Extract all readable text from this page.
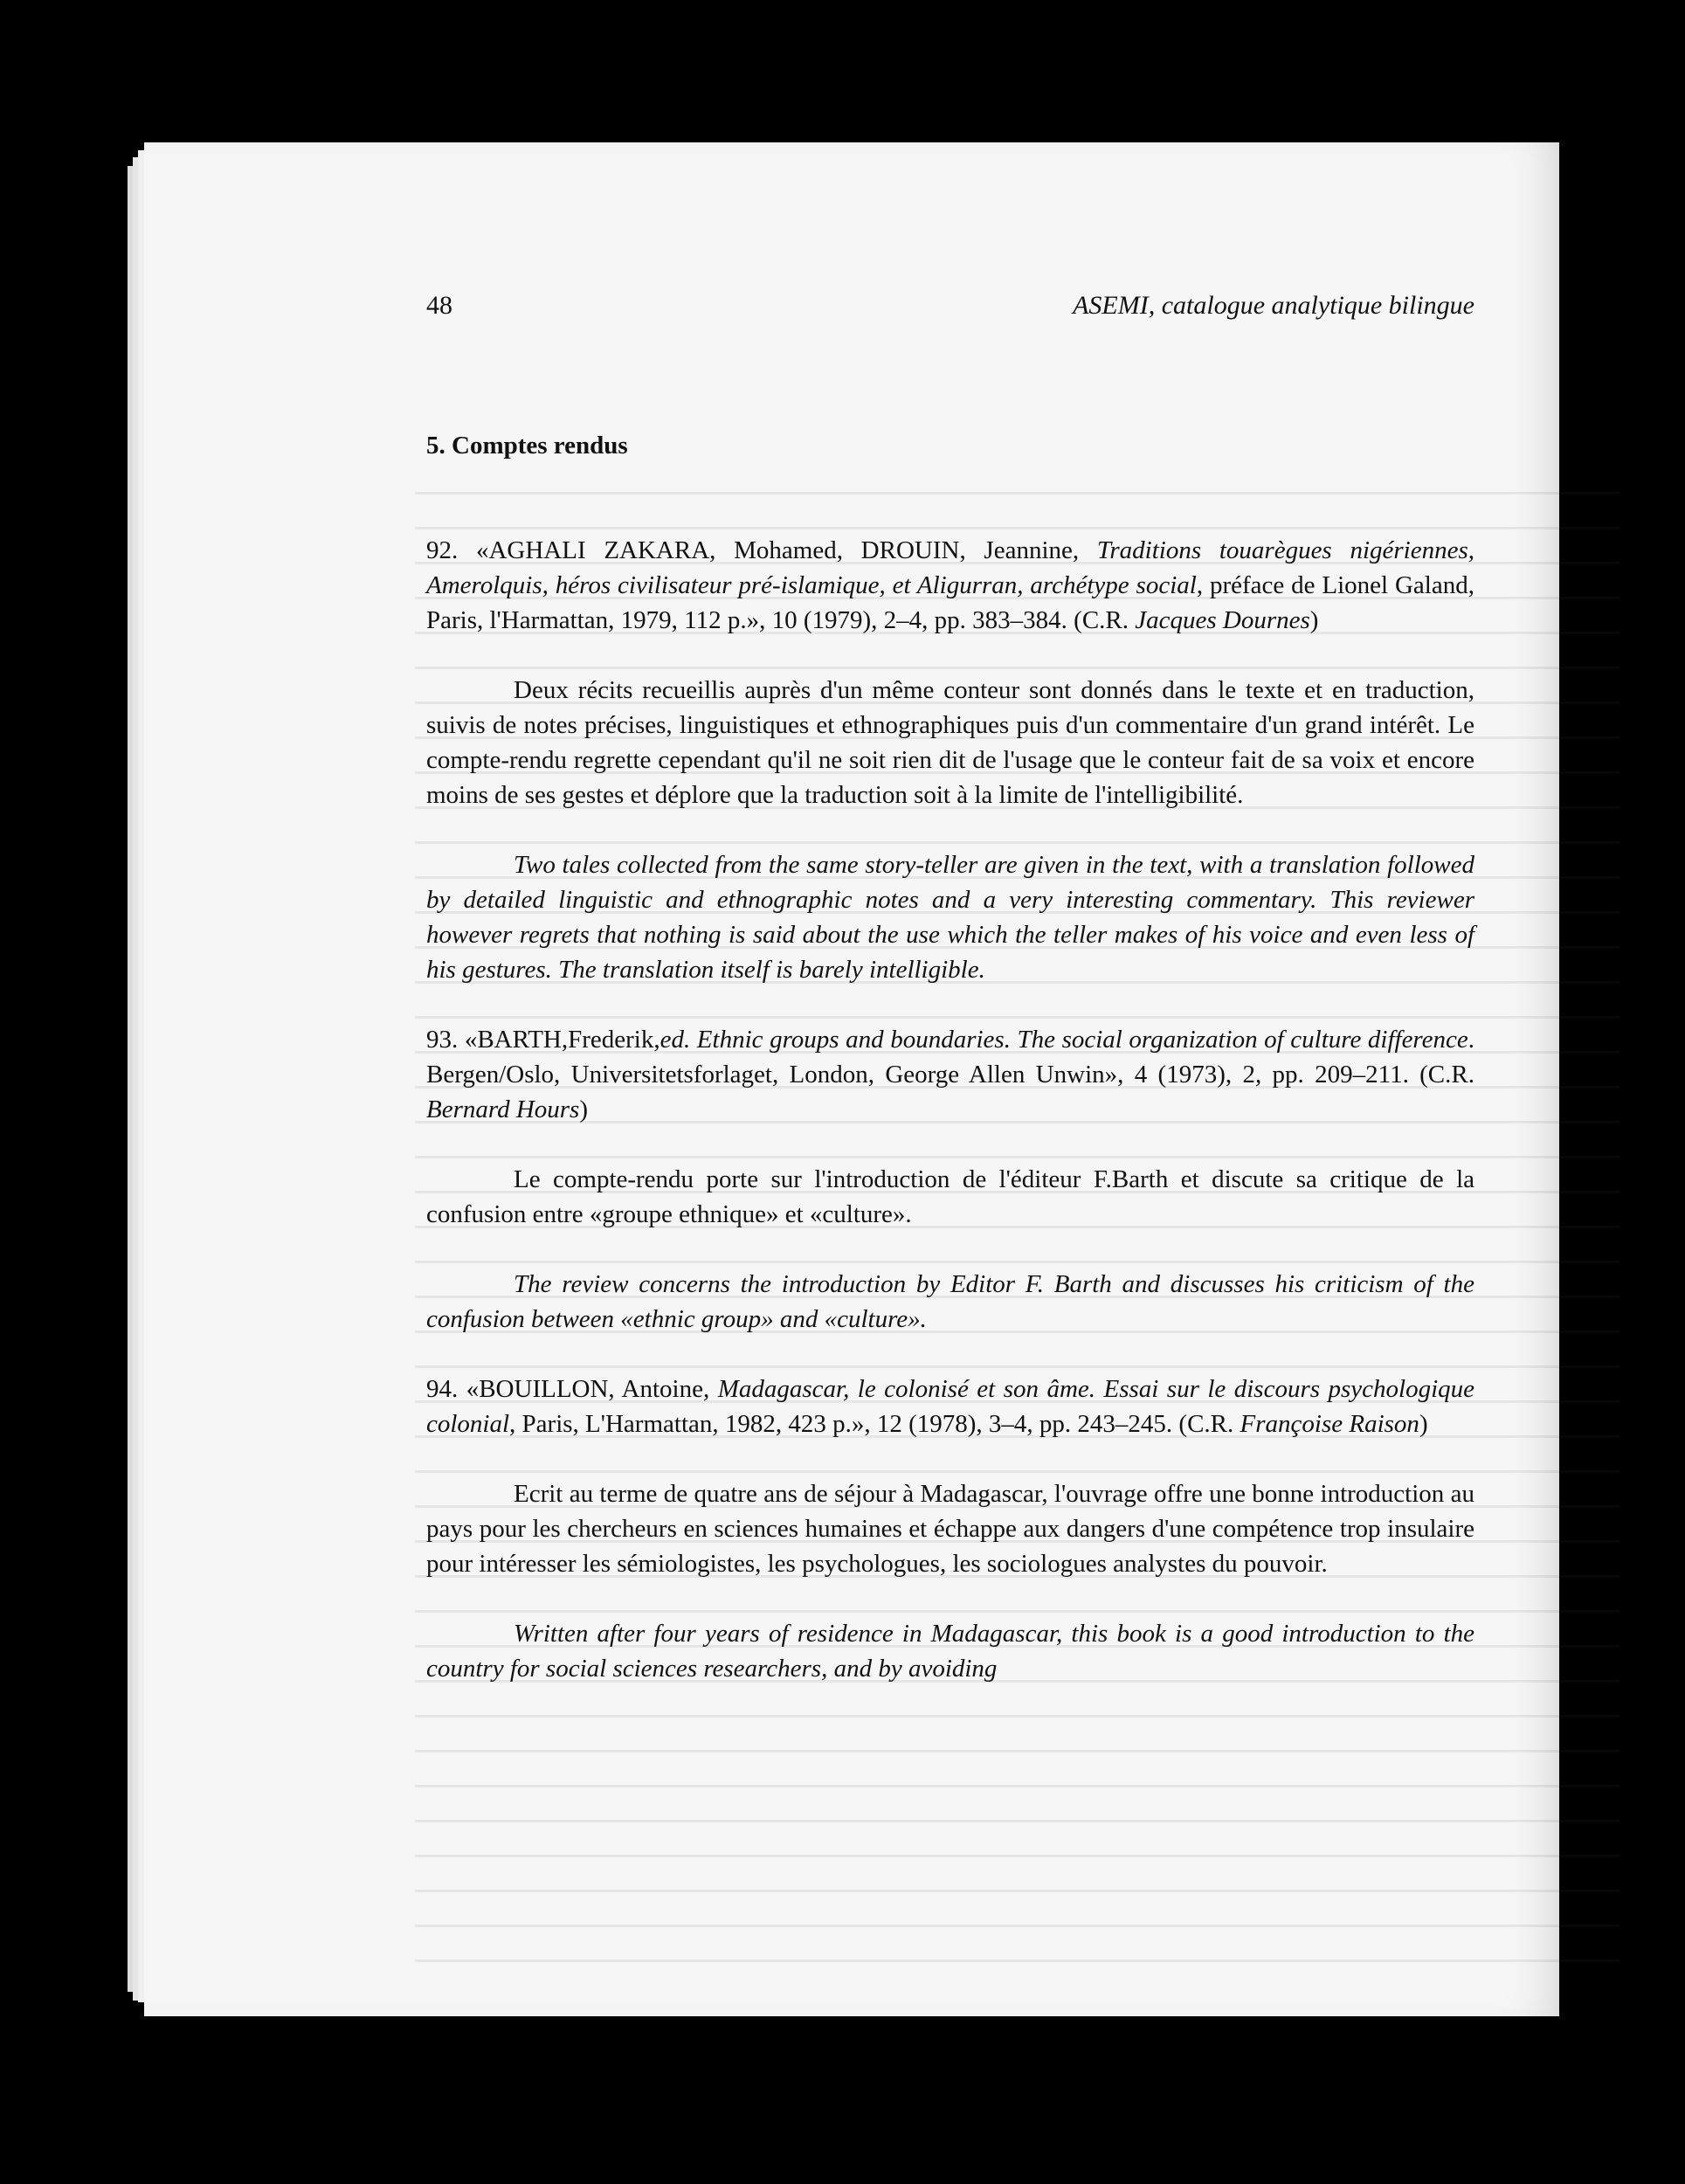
48	ASEMI, catalogue analytique bilingue
5. Comptes rendus

92. «AGHALI ZAKARA, Mohamed, DROUIN, Jeannine, Traditions touarègues nigériennes, Amerolquis, héros civilisateur pré-islamique, et Aligurran, archétype social, préface de Lionel Galand, Paris, l'Harmattan, 1979, 112 p.», 10 (1979), 2–4, pp. 383–384. (C.R. Jacques Dournes)

Deux récits recueillis auprès d'un même conteur sont donnés dans le texte et en traduction, suivis de notes précises, linguistiques et ethnographiques puis d'un commentaire d'un grand intérêt. Le compte-rendu regrette cependant qu'il ne soit rien dit de l'usage que le conteur fait de sa voix et encore moins de ses gestes et déplore que la traduction soit à la limite de l'intelligibilité.

Two tales collected from the same story-teller are given in the text, with a translation followed by detailed linguistic and ethnographic notes and a very interesting commentary. This reviewer however regrets that nothing is said about the use which the teller makes of his voice and even less of his gestures. The translation itself is barely intelligible.

93. «BARTH,Frederik,ed. Ethnic groups and boundaries. The social organization of culture difference. Bergen/Oslo, Universitetsforlaget, London, George Allen Unwin», 4 (1973), 2, pp. 209–211. (C.R. Bernard Hours)

Le compte-rendu porte sur l'introduction de l'éditeur F.Barth et discute sa critique de la confusion entre «groupe ethnique» et «culture».

The review concerns the introduction by Editor F. Barth and discusses his criticism of the confusion between «ethnic group» and «culture».

94. «BOUILLON, Antoine, Madagascar, le colonisé et son âme. Essai sur le discours psychologique colonial, Paris, L'Harmattan, 1982, 423 p.», 12 (1978), 3–4, pp. 243–245. (C.R. Françoise Raison)

Ecrit au terme de quatre ans de séjour à Madagascar, l'ouvrage offre une bonne introduction au pays pour les chercheurs en sciences humaines et échappe aux dangers d'une compétence trop insulaire pour intéresser les sémiologistes, les psychologues, les sociologues analystes du pouvoir.

Written after four years of residence in Madagascar, this book is a good introduction to the country for social sciences researchers, and by avoiding
